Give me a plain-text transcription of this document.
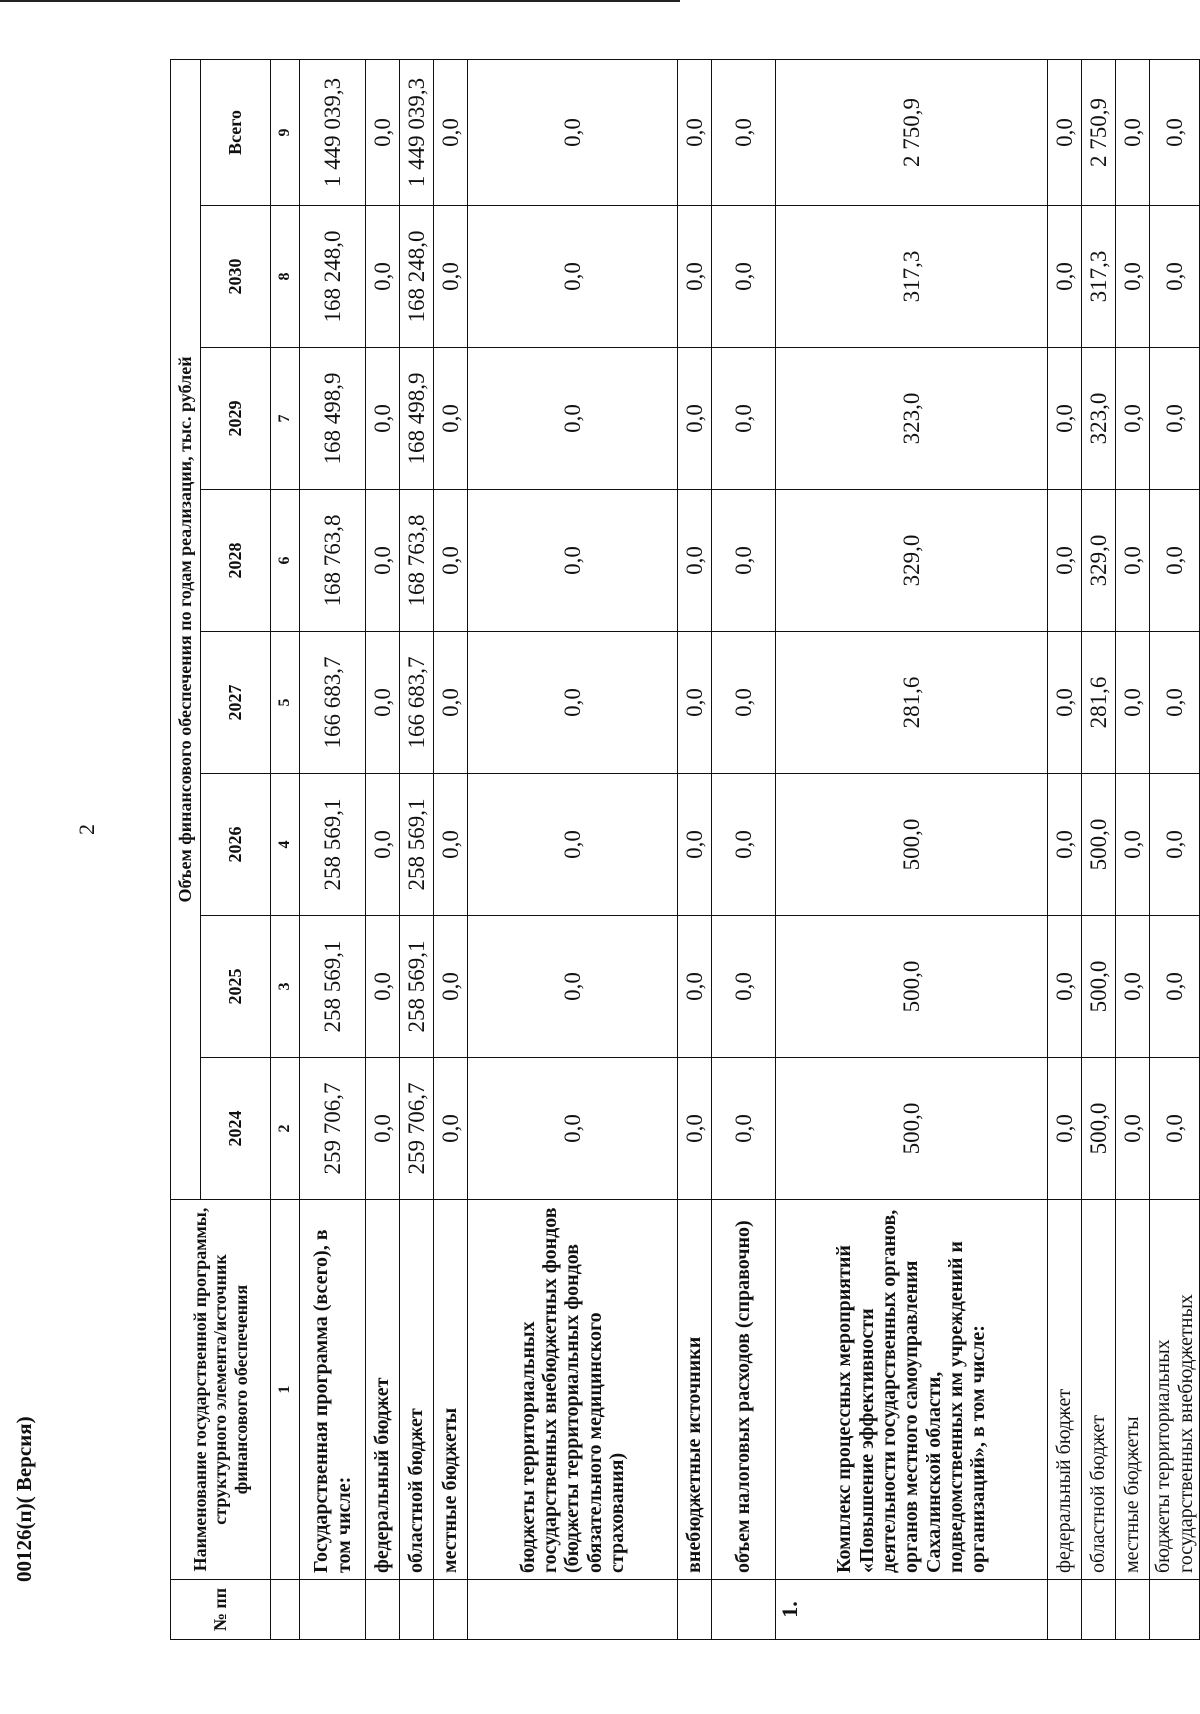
2
00126(п)( Версия)
№ пп	Наименование государственной программы, структурного элемента/источник финансового обеспечения	Объем финансового обеспечения по годам реализации, тыс. рублей							
		2024	2025	2026	2027	2028	2029	2030	Всего
	1	2	3	4	5	6	7	8	9
	Государственная программа (всего), в том числе:	259 706,7	258 569,1	258 569,1	166 683,7	168 763,8	168 498,9	168 248,0	1 449 039,3
	федеральный бюджет	0,0	0,0	0,0	0,0	0,0	0,0	0,0	0,0
	областной бюджет	259 706,7	258 569,1	258 569,1	166 683,7	168 763,8	168 498,9	168 248,0	1 449 039,3
	местные бюджеты	0,0	0,0	0,0	0,0	0,0	0,0	0,0	0,0
	бюджеты территориальных государственных внебюджетных фондов (бюджеты территориальных фондов обязательного медицинского страхования)	0,0	0,0	0,0	0,0	0,0	0,0	0,0	0,0
	внебюджетные источники	0,0	0,0	0,0	0,0	0,0	0,0	0,0	0,0
	объем налоговых расходов (справочно)	0,0	0,0	0,0	0,0	0,0	0,0	0,0	0,0
1.	Комплекс процессных мероприятий «Повышение эффективности деятельности государственных органов, органов местного самоуправления Сахалинской области, подведомственных им учреждений и организаций», в том числе:	500,0	500,0	500,0	281,6	329,0	323,0	317,3	2 750,9
	федеральный бюджет	0,0	0,0	0,0	0,0	0,0	0,0	0,0	0,0
	областной бюджет	500,0	500,0	500,0	281,6	329,0	323,0	317,3	2 750,9
	местные бюджеты	0,0	0,0	0,0	0,0	0,0	0,0	0,0	0,0
	бюджеты территориальных государственных внебюджетных	0,0	0,0	0,0	0,0	0,0	0,0	0,0	0,0
